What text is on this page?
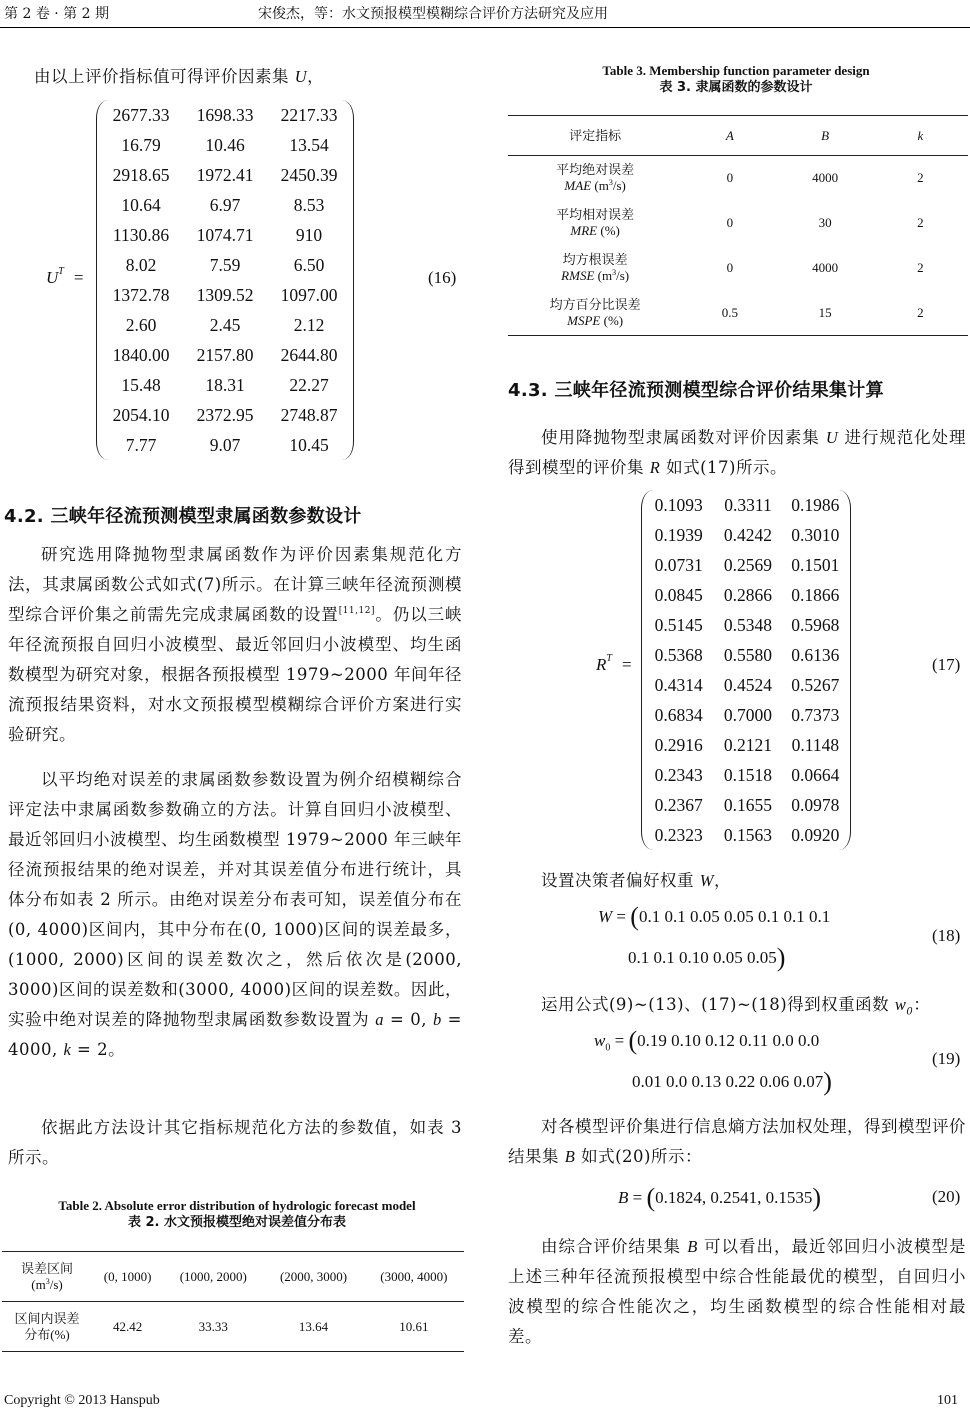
第 2 卷 · 第 2 期	宋俊杰，等：水文预报模型模糊综合评价方法研究及应用

由以上评价指标值可得评价因素集 U，

$U^T$ =
2677.33	1698.33	2217.33
16.79	10.46	13.54
2918.65	1972.41	2450.39
10.64	6.97	8.53
1130.86	1074.71	910
8.02	7.59	6.50
1372.78	1309.52	1097.00
2.60	2.45	2.12
1840.00	2157.80	2644.80
15.48	18.31	22.27
2054.10	2372.95	2748.87
7.77	9.07	10.45
(16)
4.2. 三峡年径流预测模型隶属函数参数设计

研究选用降抛物型隶属函数作为评价因素集规范化方法，其隶属函数公式如式(7)所示。在计算三峡年径流预测模型综合评价集之前需先完成隶属函数的设置[11,12]。仍以三峡年径流预报自回归小波模型、最近邻回归小波模型、均生函数模型为研究对象，根据各预报模型 1979~2000 年间年径流预报结果资料，对水文预报模型模糊综合评价方案进行实验研究。

以平均绝对误差的隶属函数参数设置为例介绍模糊综合评定法中隶属函数参数确立的方法。计算自回归小波模型、最近邻回归小波模型、均生函数模型 1979~2000 年三峡年径流预报结果的绝对误差，并对其误差值分布进行统计，具体分布如表 2 所示。由绝对误差分布表可知，误差值分布在(0, 4000)区间内，其中分布在(0, 1000)区间的误差最多，(1000, 2000)区间的误差数次之，然后依次是(2000, 3000)区间的误差数和(3000, 4000)区间的误差数。因此，实验中绝对误差的降抛物型隶属函数参数设置为 a = 0, b = 4000, k = 2。

依据此方法设计其它指标规范化方法的参数值，如表 3 所示。

Table 2. Absolute error distribution of hydrologic forecast model
表 2. 水文预报模型绝对误差值分布表
误差区间
$(m^3/s)$	(0, 1000)	(1000, 2000)	(2000, 3000)	(3000, 4000)
区间内误差
分布(%)	42.42	33.33	13.64	10.61
Table 3. Membership function parameter design
表 3. 隶属函数的参数设计
评定指标	A	B	k
平均绝对误差
MAE $(m^3/s)$	0	4000	2
平均相对误差
MRE (%)	0	30	2
均方根误差
RMSE $(m^3/s)$	0	4000	2
均方百分比误差
MSPE (%)	0.5	15	2
4.3. 三峡年径流预测模型综合评价结果集计算

使用降抛物型隶属函数对评价因素集 U 进行规范化处理得到模型的评价集 R 如式(17)所示。

$R^T$ =
0.1093	0.3311	0.1986
0.1939	0.4242	0.3010
0.0731	0.2569	0.1501
0.0845	0.2866	0.1866
0.5145	0.5348	0.5968
0.5368	0.5580	0.6136
0.4314	0.4524	0.5267
0.6834	0.7000	0.7373
0.2916	0.2121	0.1148
0.2343	0.1518	0.0664
0.2367	0.1655	0.0978
0.2323	0.1563	0.0920
(17)

设置决策者偏好权重 W，

W = (0.1 0.1 0.05 0.05 0.1 0.1 0.1
0.1 0.1 0.10 0.05 0.05)
(18)

运用公式(9)~(13)、(17)~(18)得到权重函数 $w_0$：

$w_0 = (0.19$ 0.10 0.12 0.11 0.0 0.0
0.01 0.0 0.13 0.22 0.06 0.07)
(19)

对各模型评价集进行信息熵方法加权处理，得到模型评价结果集 B 如式(20)所示：

B = (0.1824, 0.2541, 0.1535)	(20)

由综合评价结果集 B 可以看出，最近邻回归小波模型是上述三种年径流预报模型中综合性能最优的模型，自回归小波模型的综合性能次之，均生函数模型的综合性能相对最差。

Copyright © 2013 Hanspub	101
